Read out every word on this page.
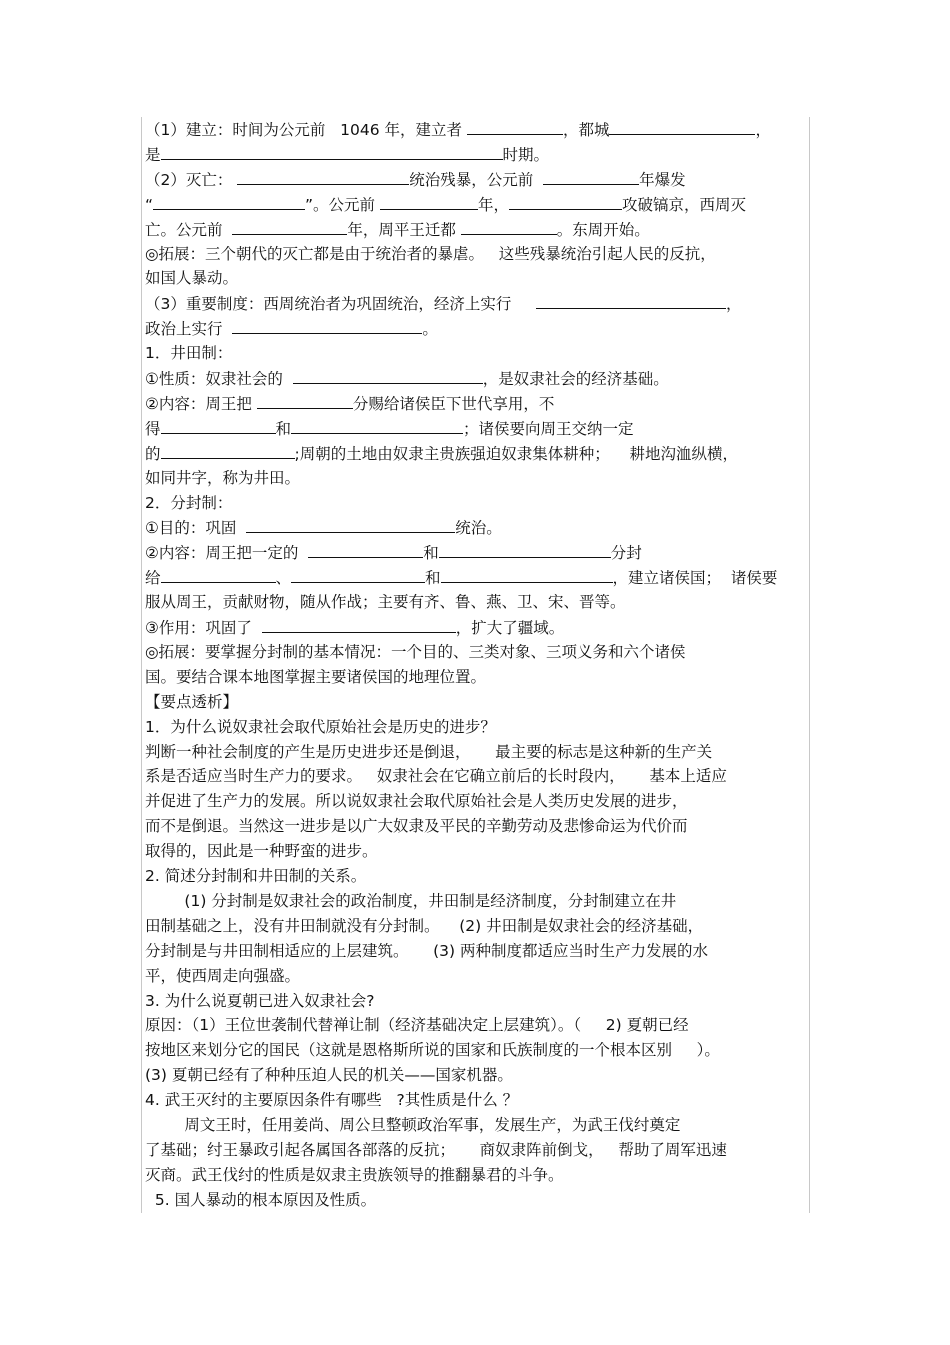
（1）建立：时间为公元前   1046 年，建立者	，都城	，
是	时期。
（2）灭亡：	统治残暴，公元前	年爆发
“	”。公元前	年，	攻破镐京，西周灭
亡。公元前	年，周平王迁都	。东周开始。
◎拓展：三个朝代的灭亡都是由于统治者的暴虐。   这些残暴统治引起人民的反抗，
如国人暴动。
（3）重要制度：西周统治者为巩固统治，经济上实行	，
政治上实行	。
1．井田制：
①性质：奴隶社会的	，是奴隶社会的经济基础。
②内容：周王把	分赐给诸侯臣下世代享用，不
得	和	；诸侯要向周王交纳一定
的	;周朝的土地由奴隶主贵族强迫奴隶集体耕种；    耕地沟洫纵横，
如同井字，称为井田。
2．分封制：
①目的：巩固	统治。
②内容：周王把一定的	和	分封
给	、	和	，建立诸侯国；  诸侯要
服从周王，贡献财物，随从作战；主要有齐、鲁、燕、卫、宋、晋等。
③作用：巩固了	，扩大了疆域。
◎拓展：要掌握分封制的基本情况：一个目的、三类对象、三项义务和六个诸侯
国。要结合课本地图掌握主要诸侯国的地理位置。
【要点透析】
1．为什么说奴隶社会取代原始社会是历史的进步？
判断一种社会制度的产生是历史进步还是倒退，     最主要的标志是这种新的生产关
系是否适应当时生产力的要求。   奴隶社会在它确立前后的长时段内，     基本上适应
并促进了生产力的发展。所以说奴隶社会取代原始社会是人类历史发展的进步，
而不是倒退。当然这一进步是以广大奴隶及平民的辛勤劳动及悲惨命运为代价而
取得的，因此是一种野蛮的进步。
2. 简述分封制和井田制的关系。
(1) 分封制是奴隶社会的政治制度，井田制是经济制度，分封制建立在井
田制基础之上，没有井田制就没有分封制。    (2) 井田制是奴隶社会的经济基础，
分封制是与井田制相适应的上层建筑。     (3) 两种制度都适应当时生产力发展的水
平，使西周走向强盛。
3. 为什么说夏朝已进入奴隶社会?
原因：（1）王位世袭制代替禅让制（经济基础决定上层建筑）。（     2) 夏朝已经
按地区来划分它的国民（这就是恩格斯所说的国家和氏族制度的一个根本区别     ）。
(3) 夏朝已经有了种种压迫人民的机关——国家机器。
4. 武王灭纣的主要原因条件有哪些   ?其性质是什么 ？
周文王时，任用姜尚、周公旦整顿政治军事，发展生产，为武王伐纣奠定
了基础；纣王暴政引起各属国各部落的反抗；     商奴隶阵前倒戈，   帮助了周军迅速
灭商。武王伐纣的性质是奴隶主贵族领导的推翻暴君的斗争。
5. 国人暴动的根本原因及性质。
